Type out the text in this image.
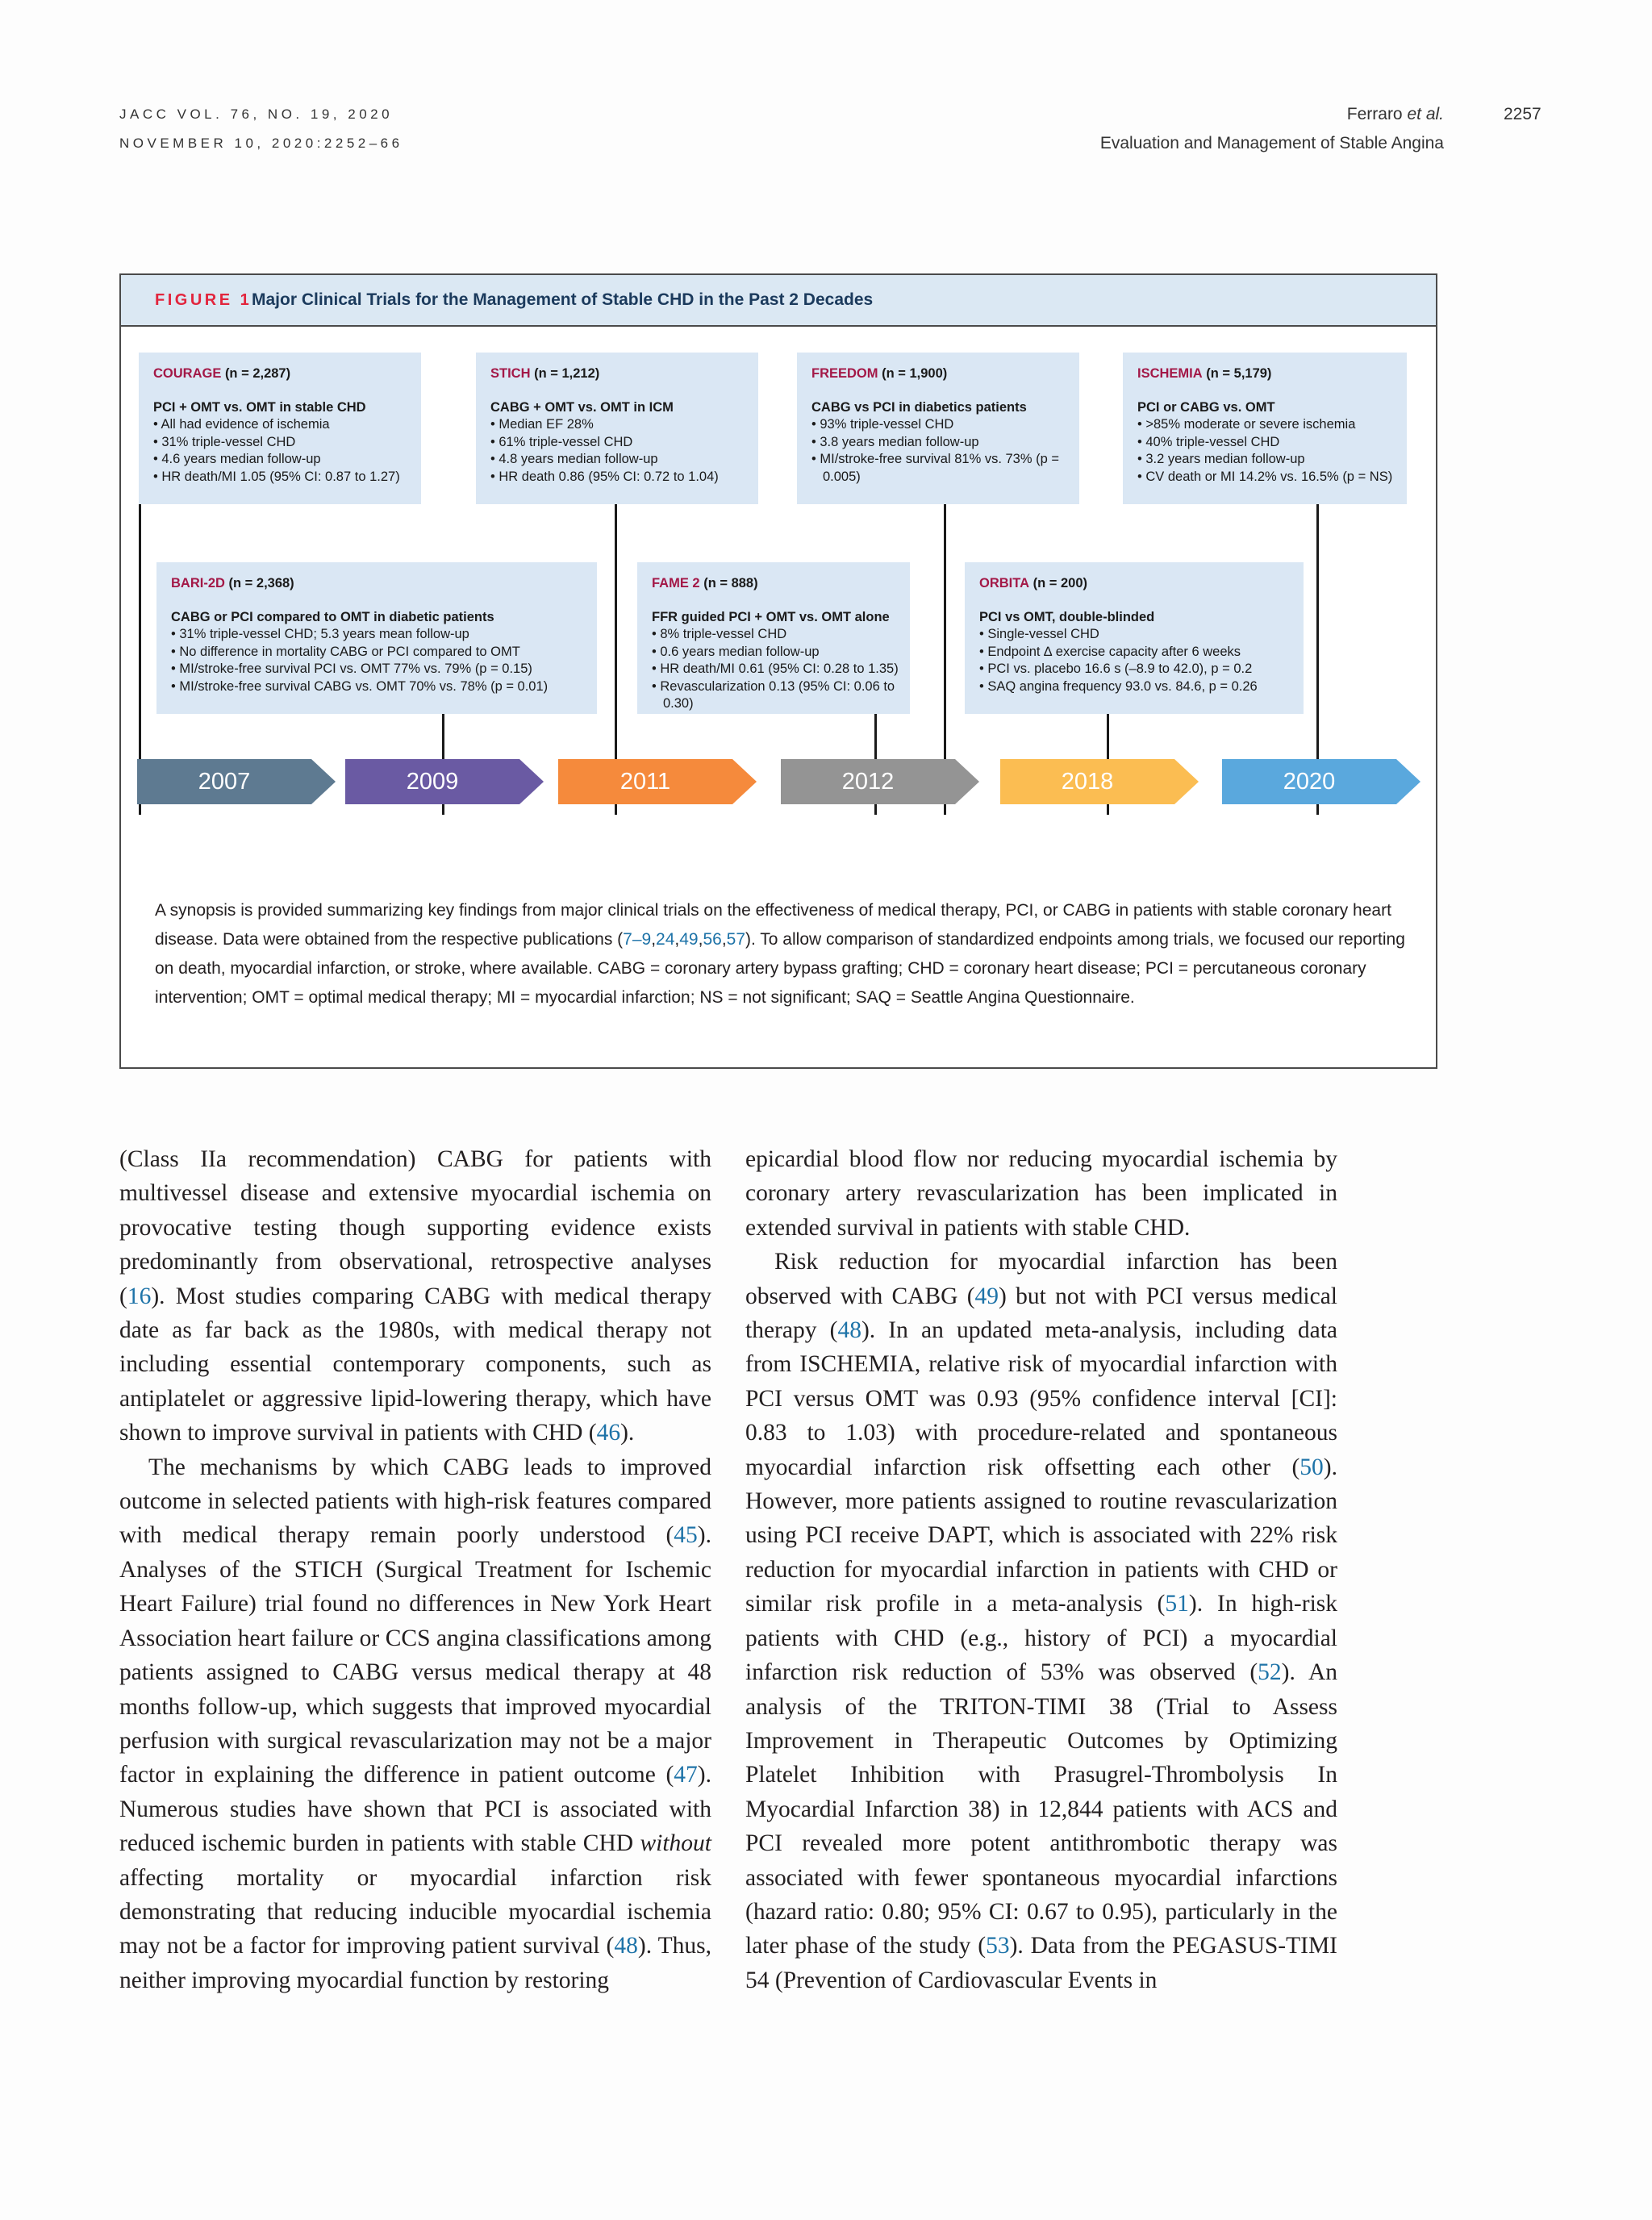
JACC VOL. 76, NO. 19, 2020
NOVEMBER 10, 2020:2252–66
Ferraro et al.
Evaluation and Management of Stable Angina
2257
FIGURE 1 Major Clinical Trials for the Management of Stable CHD in the Past 2 Decades
COURAGE (n = 2,287)
PCI + OMT vs. OMT in stable CHD
• All had evidence of ischemia
• 31% triple-vessel CHD
• 4.6 years median follow-up
• HR death/MI 1.05 (95% CI: 0.87 to 1.27)
STICH (n = 1,212)
CABG + OMT vs. OMT in ICM
• Median EF 28%
• 61% triple-vessel CHD
• 4.8 years median follow-up
• HR death 0.86 (95% CI: 0.72 to 1.04)
FREEDOM (n = 1,900)
CABG vs PCI in diabetics patients
• 93% triple-vessel CHD
• 3.8 years median follow-up
• MI/stroke-free survival 81% vs. 73% (p = 0.005)
ISCHEMIA (n = 5,179)
PCI or CABG vs. OMT
• >85% moderate or severe ischemia
• 40% triple-vessel CHD
• 3.2 years median follow-up
• CV death or MI 14.2% vs. 16.5% (p = NS)
BARI-2D (n = 2,368)
CABG or PCI compared to OMT in diabetic patients
• 31% triple-vessel CHD; 5.3 years mean follow-up
• No difference in mortality CABG or PCI compared to OMT
• MI/stroke-free survival PCI vs. OMT 77% vs. 79% (p = 0.15)
• MI/stroke-free survival CABG vs. OMT 70% vs. 78% (p = 0.01)
FAME 2 (n = 888)
FFR guided PCI + OMT vs. OMT alone
• 8% triple-vessel CHD
• 0.6 years median follow-up
• HR death/MI 0.61 (95% CI: 0.28 to 1.35)
• Revascularization 0.13 (95% CI: 0.06 to 0.30)
ORBITA (n = 200)
PCI vs OMT, double-blinded
• Single-vessel CHD
• Endpoint ∆ exercise capacity after 6 weeks
• PCI vs. placebo 16.6 s (–8.9 to 42.0), p = 0.2
• SAQ angina frequency 93.0 vs. 84.6, p = 0.26
A synopsis is provided summarizing key findings from major clinical trials on the effectiveness of medical therapy, PCI, or CABG in patients with stable coronary heart disease. Data were obtained from the respective publications (7–9,24,49,56,57). To allow comparison of standardized endpoints among trials, we focused our reporting on death, myocardial infarction, or stroke, where available. CABG = coronary artery bypass grafting; CHD = coronary heart disease; PCI = percutaneous coronary intervention; OMT = optimal medical therapy; MI = myocardial infarction; NS = not significant; SAQ = Seattle Angina Questionnaire.
2007	2009	2011	2012	2018	2020

(Class IIa recommendation) CABG for patients with multivessel disease and extensive myocardial ischemia on provocative testing though supporting evidence exists predominantly from observational, retrospective analyses (16). Most studies comparing CABG with medical therapy date as far back as the 1980s, with medical therapy not including essential contemporary components, such as antiplatelet or aggressive lipid-lowering therapy, which have shown to improve survival in patients with CHD (46).

The mechanisms by which CABG leads to improved outcome in selected patients with high-risk features compared with medical therapy remain poorly understood (45). Analyses of the STICH (Surgical Treatment for Ischemic Heart Failure) trial found no differences in New York Heart Association heart failure or CCS angina classifications among patients assigned to CABG versus medical therapy at 48 months follow-up, which suggests that improved myocardial perfusion with surgical revascularization may not be a major factor in explaining the difference in patient outcome (47). Numerous studies have shown that PCI is associated with reduced ischemic burden in patients with stable CHD without affecting mortality or myocardial infarction risk demonstrating that reducing inducible myocardial ischemia may not be a factor for improving patient survival (48). Thus, neither improving myocardial function by restoring

epicardial blood flow nor reducing myocardial ischemia by coronary artery revascularization has been implicated in extended survival in patients with stable CHD.

Risk reduction for myocardial infarction has been observed with CABG (49) but not with PCI versus medical therapy (48). In an updated meta-analysis, including data from ISCHEMIA, relative risk of myocardial infarction with PCI versus OMT was 0.93 (95% confidence interval [CI]: 0.83 to 1.03) with procedure-related and spontaneous myocardial infarction risk offsetting each other (50). However, more patients assigned to routine revascularization using PCI receive DAPT, which is associated with 22% risk reduction for myocardial infarction in patients with CHD or similar risk profile in a meta-analysis (51). In high-risk patients with CHD (e.g., history of PCI) a myocardial infarction risk reduction of 53% was observed (52). An analysis of the TRITON-TIMI 38 (Trial to Assess Improvement in Therapeutic Outcomes by Optimizing Platelet Inhibition with Prasugrel-Thrombolysis In Myocardial Infarction 38) in 12,844 patients with ACS and PCI revealed more potent antithrombotic therapy was associated with fewer spontaneous myocardial infarctions (hazard ratio: 0.80; 95% CI: 0.67 to 0.95), particularly in the later phase of the study (53). Data from the PEGASUS-TIMI 54 (Prevention of Cardiovascular Events in
